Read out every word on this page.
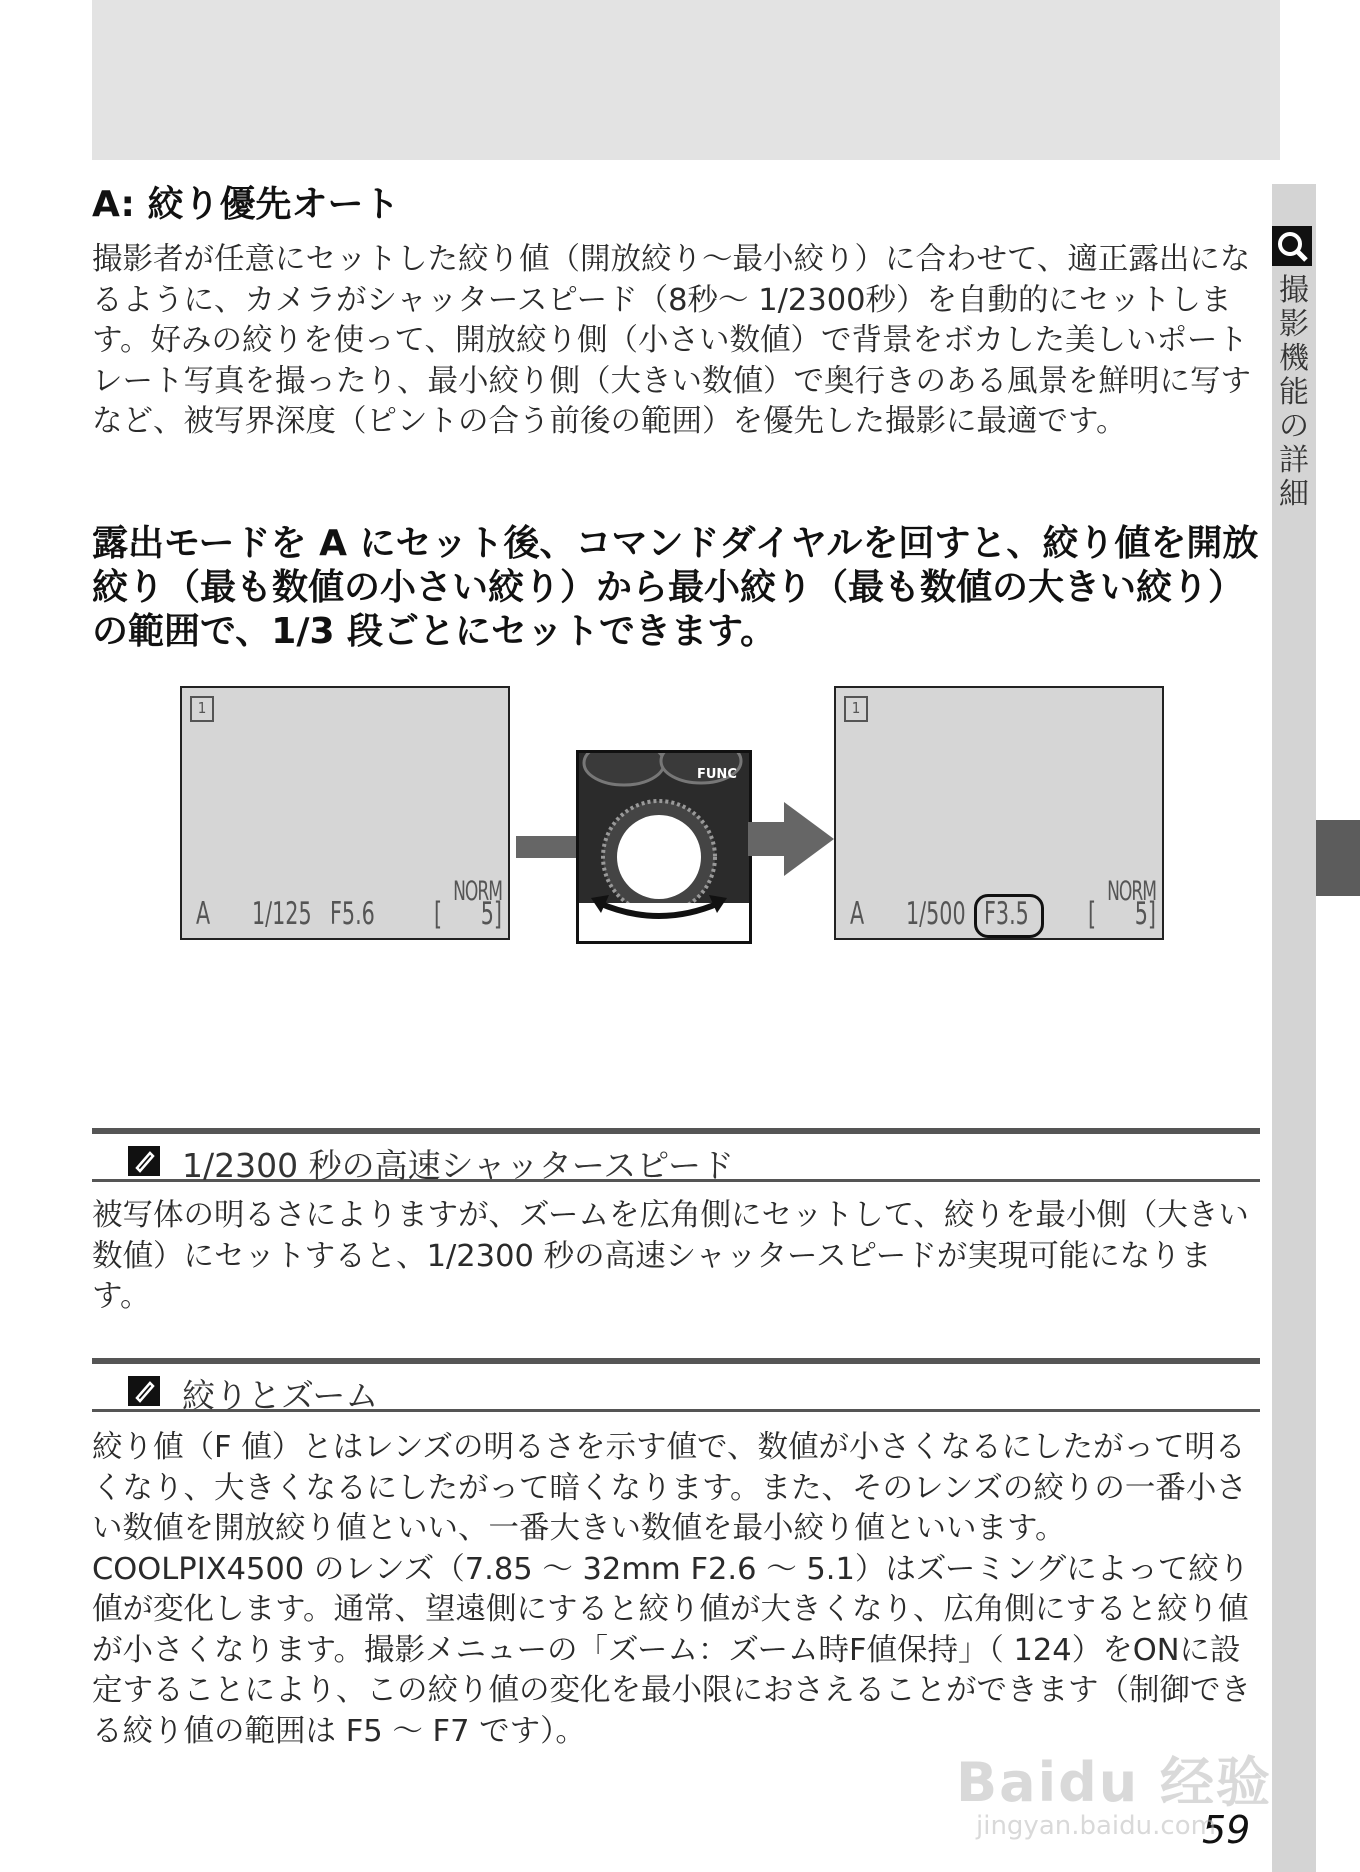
撮影機能の詳細
A: 絞り優先オート

撮影者が任意にセットした絞り値（開放絞り〜最小絞り）に合わせて、適正露出になるように、カメラがシャッタースピード（8秒〜 1/2300秒）を自動的にセットします。好みの絞りを使って、開放絞り側（小さい数値）で背景をボカした美しいポートレート写真を撮ったり、最小絞り側（大きい数値）で奥行きのある風景を鮮明に写すなど、被写界深度（ピントの合う前後の範囲）を優先した撮影に最適です。

露出モードを A にセット後、コマンドダイヤルを回すと、絞り値を開放絞り（最も数値の小さい絞り）から最小絞り（最も数値の大きい絞り）の範囲で、1/3 段ごとにセットできます。

1
NORM
A 1/125 F5.6	[ 5]
FUNC
1
NORM
A 1/500 F3.5	[ 5]
1/2300 秒の高速シャッタースピード

被写体の明るさによりますが、ズームを広角側にセットして、絞りを最小側（大きい数値）にセットすると、1/2300 秒の高速シャッタースピードが実現可能になります。

絞りとズーム

絞り値（F 値）とはレンズの明るさを示す値で、数値が小さくなるにしたがって明るくなり、大きくなるにしたがって暗くなります。また、そのレンズの絞りの一番小さい数値を開放絞り値といい、一番大きい数値を最小絞り値といいます。COOLPIX4500 のレンズ（7.85 〜 32mm F2.6 〜 5.1）はズーミングによって絞り値が変化します。通常、望遠側にすると絞り値が大きくなり、広角側にすると絞り値が小さくなります。撮影メニューの「ズーム：ズーム時F値保持」（ 124）をONに設定することにより、この絞り値の変化を最小限におさえることができます（制御できる絞り値の範囲は F5 〜 F7 です）。

59
Baidu 经验
jingyan.baidu.com
